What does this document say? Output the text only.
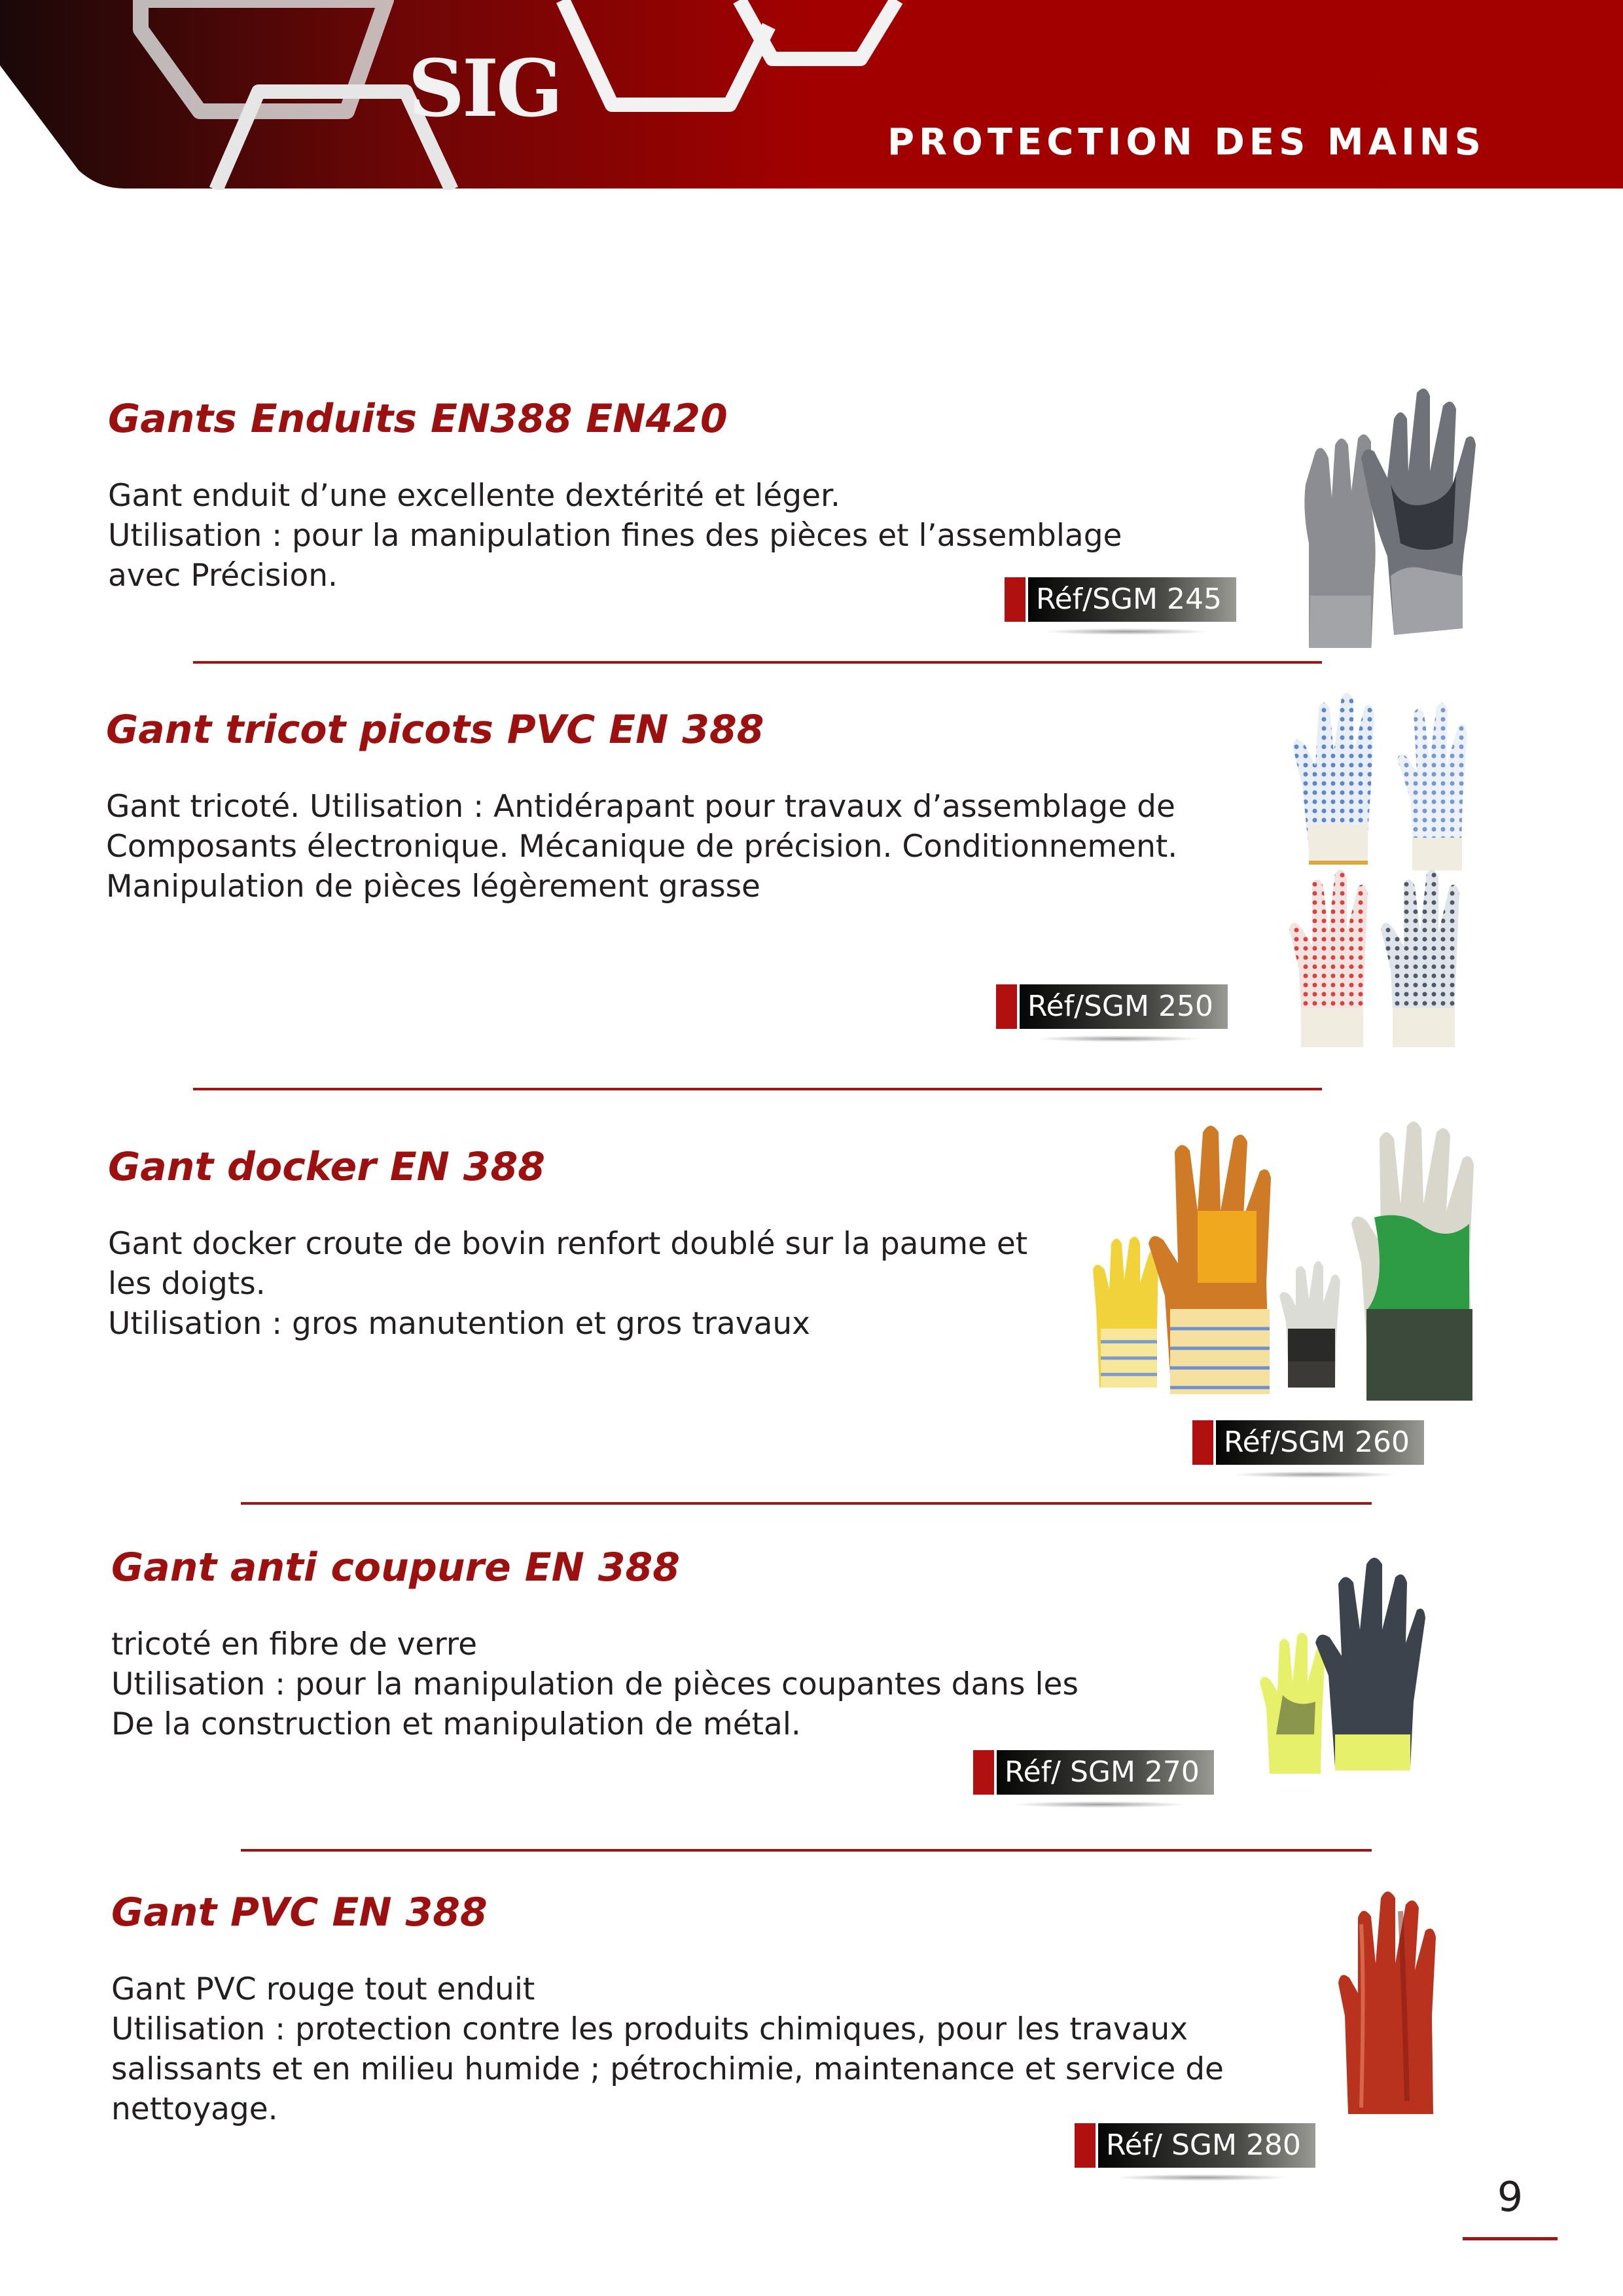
SIG
PROTECTION DES MAINS
Gants Enduits EN388 EN420
Gant enduit d’une excellente dextérité et léger.
Utilisation : pour la manipulation fines des pièces et l’assemblage
avec Précision.
Réf/SGM 245
Gant tricot picots PVC EN 388
Gant tricoté. Utilisation : Antidérapant pour travaux d’assemblage de
Composants électronique. Mécanique de précision. Conditionnement.
Manipulation de pièces légèrement grasse
Réf/SGM 250
Gant docker EN 388
Gant docker croute de bovin renfort doublé sur la paume et
les doigts.
Utilisation : gros manutention et gros travaux
Réf/SGM 260
Gant anti coupure EN 388
tricoté en fibre de verre
Utilisation : pour la manipulation de pièces coupantes dans les
De la construction et manipulation de métal.
Réf/ SGM 270
Gant PVC EN 388
Gant PVC rouge tout enduit
Utilisation : protection contre les produits chimiques, pour les travaux
salissants et en milieu humide ; pétrochimie, maintenance et service de
nettoyage.
Réf/ SGM 280
9
